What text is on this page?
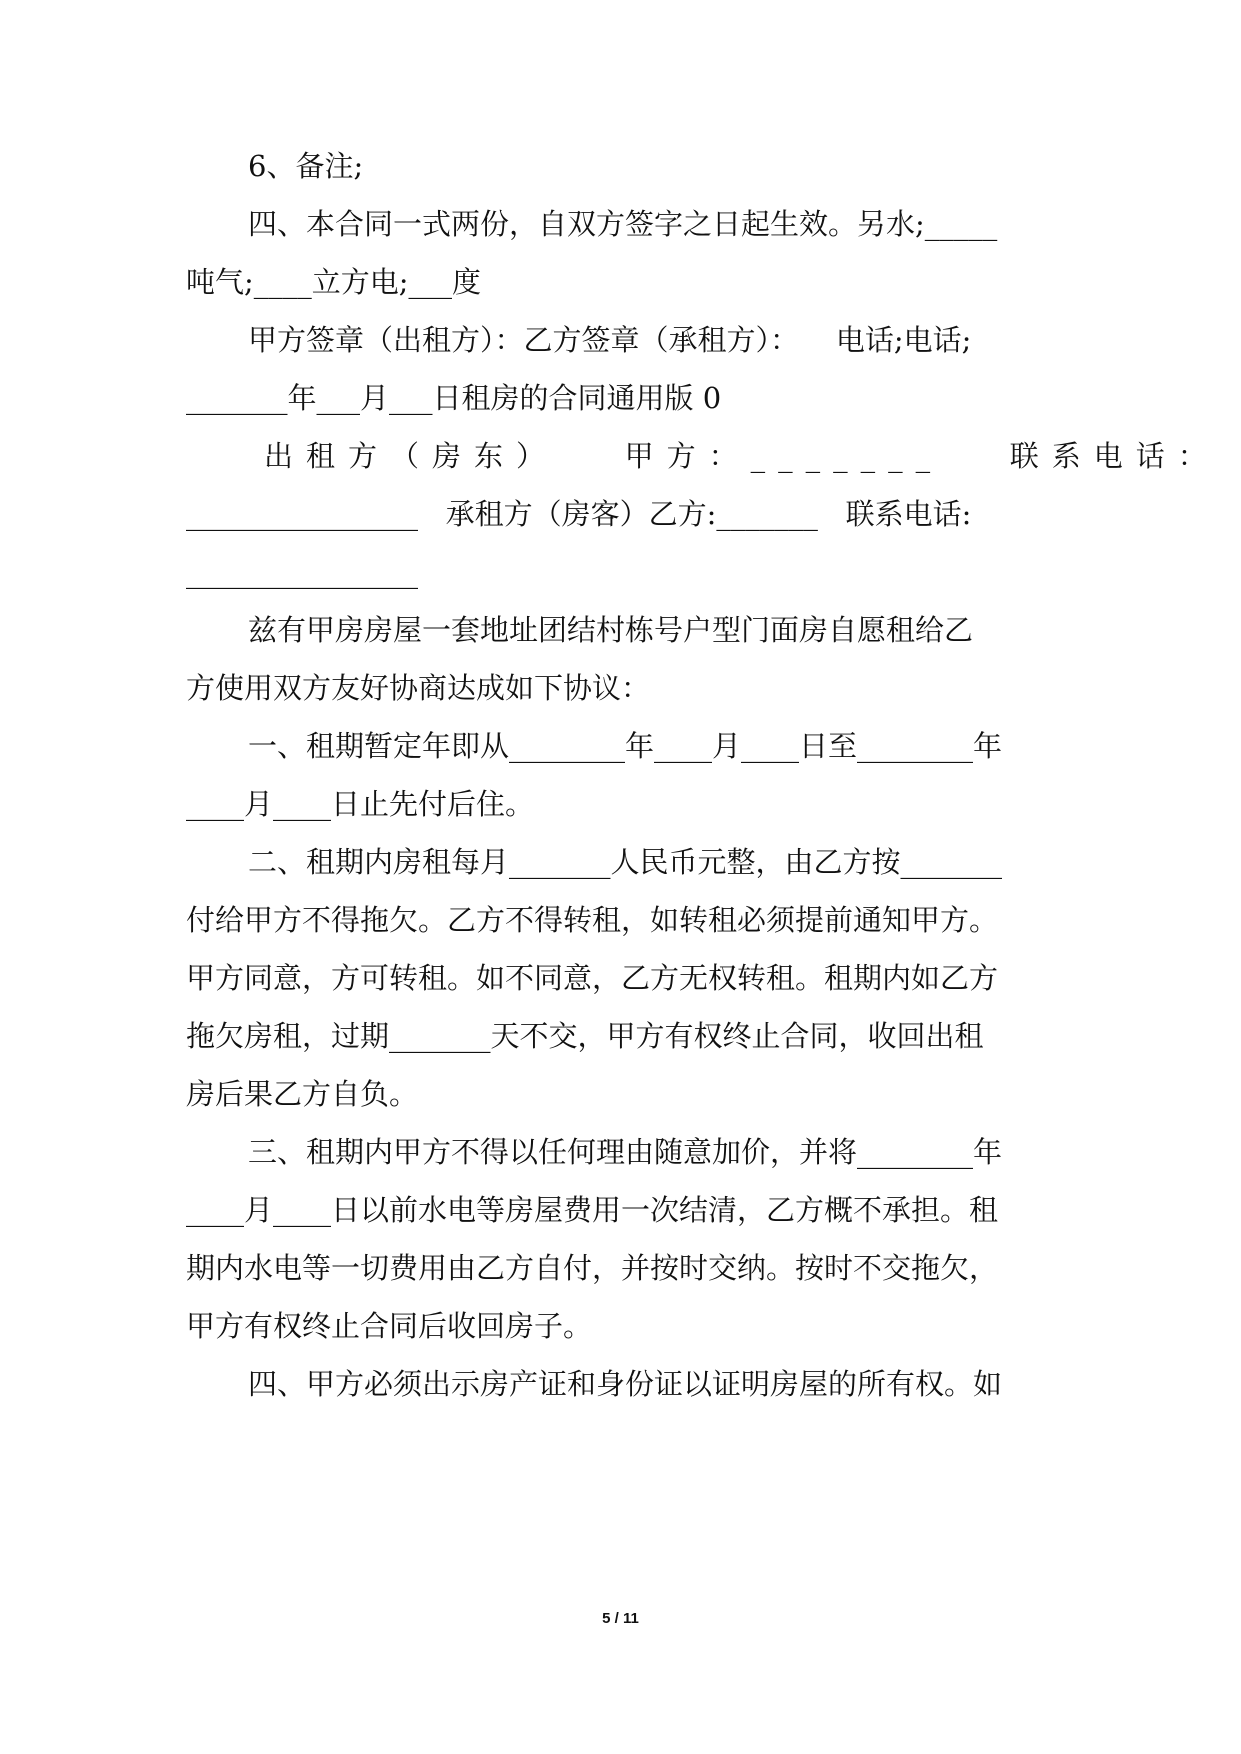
6、备注;
四、本合同一式两份，自双方签字之日起生效。另水;_____
吨气;____立方电;___度
甲方签章（出租方）：乙方签章（承租方）：    电话;电话;
_______年___月___日租房的合同通用版 0
出租方（房东）   甲方：_______   联系电话：
________________   承租方（房客）乙方:_______   联系电话:
________________
兹有甲房房屋一套地址团结村栋号户型门面房自愿租给乙
方使用双方友好协商达成如下协议：
一、租期暂定年即从________年____月____日至________年
____月____日止先付后住。
二、租期内房租每月_______人民币元整，由乙方按_______
付给甲方不得拖欠。乙方不得转租，如转租必须提前通知甲方。
甲方同意，方可转租。如不同意，乙方无权转租。租期内如乙方
拖欠房租，过期_______天不交，甲方有权终止合同，收回出租
房后果乙方自负。
三、租期内甲方不得以任何理由随意加价，并将________年
____月____日以前水电等房屋费用一次结清，乙方概不承担。租
期内水电等一切费用由乙方自付，并按时交纳。按时不交拖欠，
甲方有权终止合同后收回房子。
四、甲方必须出示房产证和身份证以证明房屋的所有权。如
5 / 11
